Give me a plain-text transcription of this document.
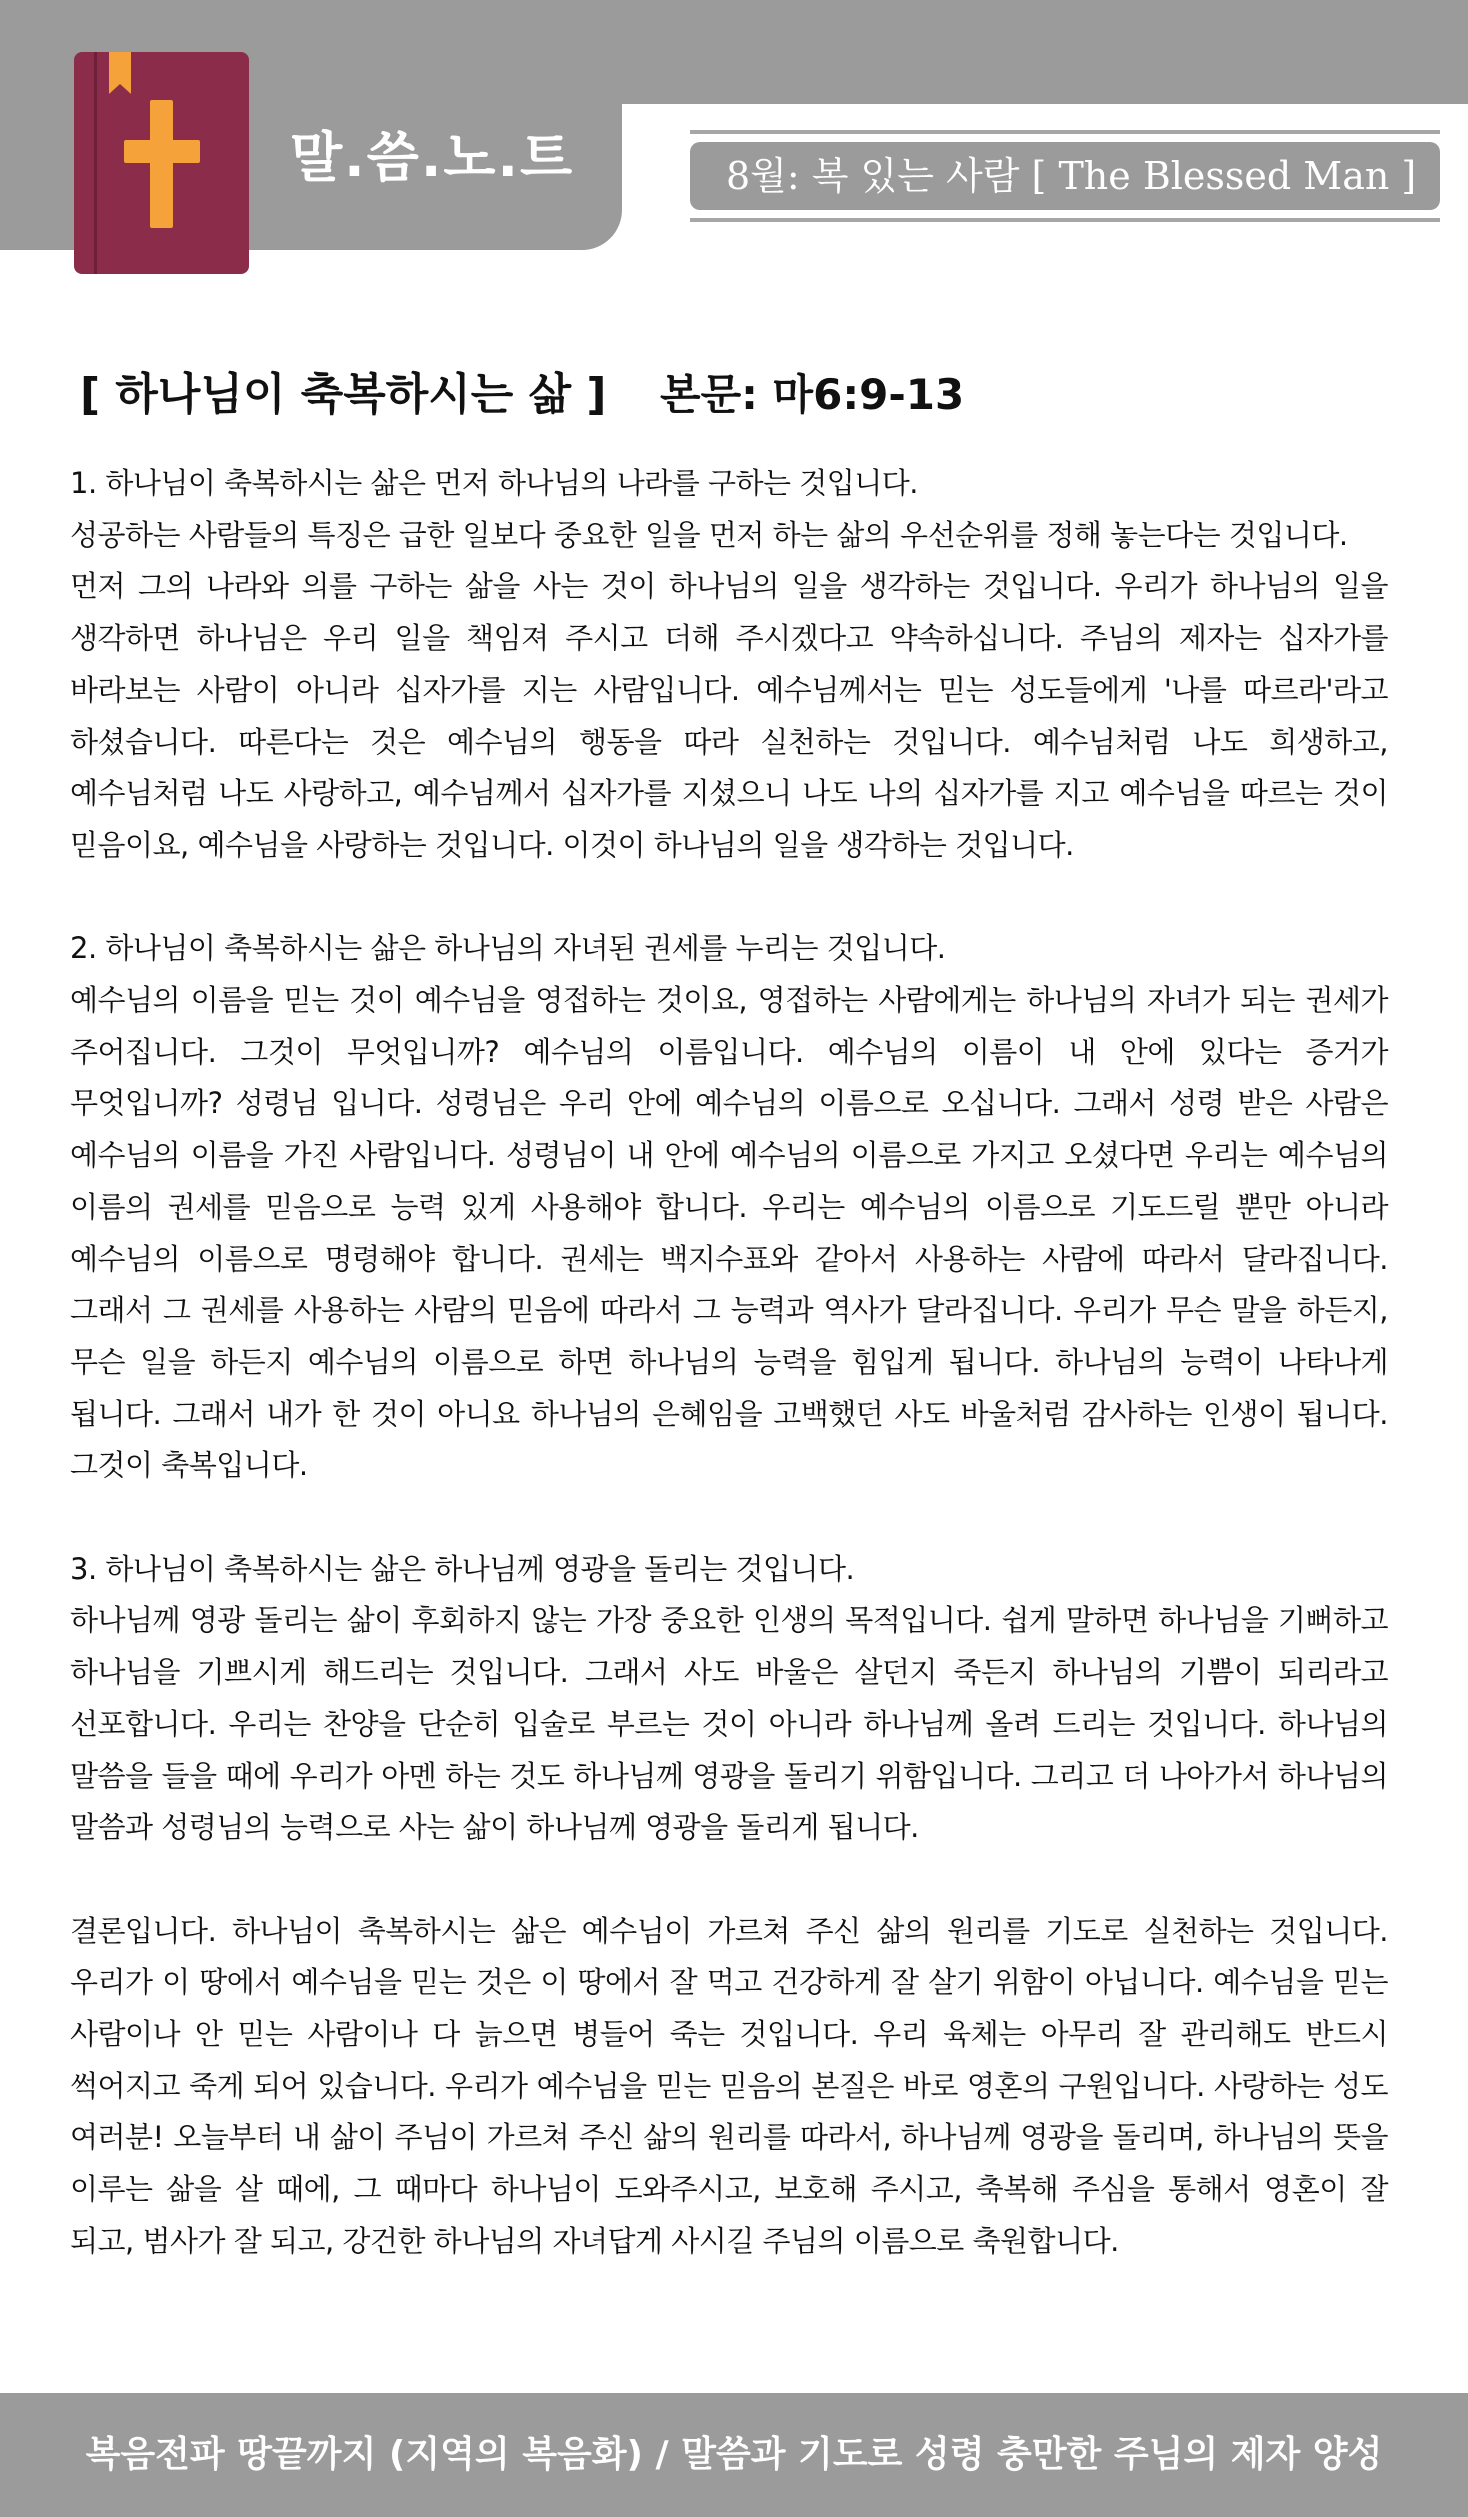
말.씀.노.트	8월: 복 있는 사람 [ The Blessed Man ]
[ 하나님이 축복하시는 삶 ] 본문: 마6:9-13

1. 하나님이 축복하시는 삶은 먼저 하나님의 나라를 구하는 것입니다.

성공하는 사람들의 특징은 급한 일보다 중요한 일을 먼저 하는 삶의 우선순위를 정해 놓는다는 것입니다.

먼저 그의 나라와 의를 구하는 삶을 사는 것이 하나님의 일을 생각하는 것입니다. 우리가 하나님의 일을 생각하면 하나님은 우리 일을 책임져 주시고 더해 주시겠다고 약속하십니다. 주님의 제자는 십자가를 바라보는 사람이 아니라 십자가를 지는 사람입니다. 예수님께서는 믿는 성도들에게 '나를 따르라'라고 하셨습니다. 따른다는 것은 예수님의 행동을 따라 실천하는 것입니다. 예수님처럼 나도 희생하고, 예수님처럼 나도 사랑하고, 예수님께서 십자가를 지셨으니 나도 나의 십자가를 지고 예수님을 따르는 것이 믿음이요, 예수님을 사랑하는 것입니다. 이것이 하나님의 일을 생각하는 것입니다.

2. 하나님이 축복하시는 삶은 하나님의 자녀된 권세를 누리는 것입니다.

예수님의 이름을 믿는 것이 예수님을 영접하는 것이요, 영접하는 사람에게는 하나님의 자녀가 되는 권세가 주어집니다. 그것이 무엇입니까? 예수님의 이름입니다. 예수님의 이름이 내 안에 있다는 증거가 무엇입니까? 성령님 입니다. 성령님은 우리 안에 예수님의 이름으로 오십니다. 그래서 성령 받은 사람은 예수님의 이름을 가진 사람입니다. 성령님이 내 안에 예수님의 이름으로 가지고 오셨다면 우리는 예수님의 이름의 권세를 믿음으로 능력 있게 사용해야 합니다. 우리는 예수님의 이름으로 기도드릴 뿐만 아니라 예수님의 이름으로 명령해야 합니다. 권세는 백지수표와 같아서 사용하는 사람에 따라서 달라집니다. 그래서 그 권세를 사용하는 사람의 믿음에 따라서 그 능력과 역사가 달라집니다. 우리가 무슨 말을 하든지, 무슨 일을 하든지 예수님의 이름으로 하면 하나님의 능력을 힘입게 됩니다. 하나님의 능력이 나타나게 됩니다. 그래서 내가 한 것이 아니요 하나님의 은혜임을 고백했던 사도 바울처럼 감사하는 인생이 됩니다. 그것이 축복입니다.

3. 하나님이 축복하시는 삶은 하나님께 영광을 돌리는 것입니다.

하나님께 영광 돌리는 삶이 후회하지 않는 가장 중요한 인생의 목적입니다. 쉽게 말하면 하나님을 기뻐하고 하나님을 기쁘시게 해드리는 것입니다. 그래서 사도 바울은 살던지 죽든지 하나님의 기쁨이 되리라고 선포합니다. 우리는 찬양을 단순히 입술로 부르는 것이 아니라 하나님께 올려 드리는 것입니다. 하나님의 말씀을 들을 때에 우리가 아멘 하는 것도 하나님께 영광을 돌리기 위함입니다. 그리고 더 나아가서 하나님의 말씀과 성령님의 능력으로 사는 삶이 하나님께 영광을 돌리게 됩니다.

결론입니다. 하나님이 축복하시는 삶은 예수님이 가르쳐 주신 삶의 원리를 기도로 실천하는 것입니다. 우리가 이 땅에서 예수님을 믿는 것은 이 땅에서 잘 먹고 건강하게 잘 살기 위함이 아닙니다. 예수님을 믿는 사람이나 안 믿는 사람이나 다 늙으면 병들어 죽는 것입니다. 우리 육체는 아무리 잘 관리해도 반드시 썩어지고 죽게 되어 있습니다. 우리가 예수님을 믿는 믿음의 본질은 바로 영혼의 구원입니다. 사랑하는 성도 여러분! 오늘부터 내 삶이 주님이 가르쳐 주신 삶의 원리를 따라서, 하나님께 영광을 돌리며, 하나님의 뜻을 이루는 삶을 살 때에, 그 때마다 하나님이 도와주시고, 보호해 주시고, 축복해 주심을 통해서 영혼이 잘 되고, 범사가 잘 되고, 강건한 하나님의 자녀답게 사시길 주님의 이름으로 축원합니다.

복음전파 땅끝까지 (지역의 복음화) / 말씀과 기도로 성령 충만한 주님의 제자 양성
